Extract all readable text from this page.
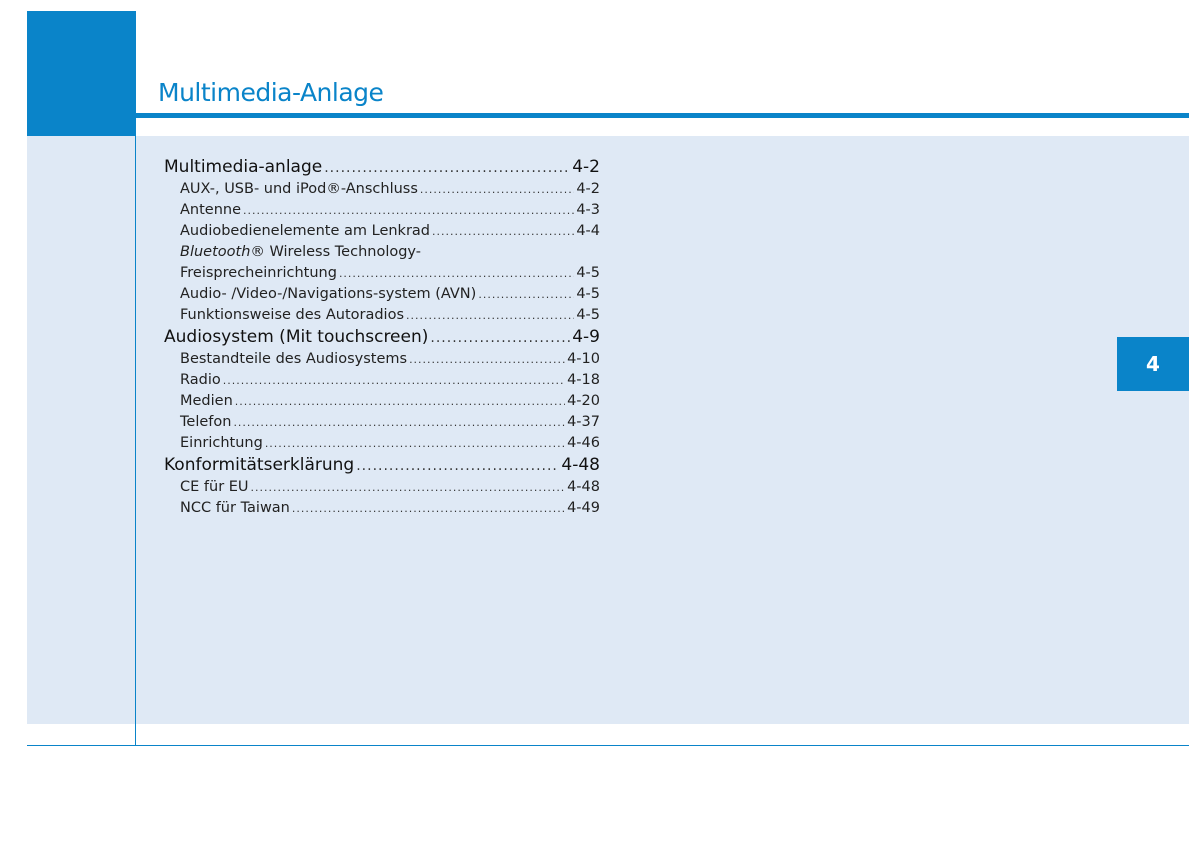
Multimedia-Anlage
4
Multimedia-anlage .....	4-2
AUX-, USB- und iPod®-Anschluss .....	4-2
Antenne .....	4-3
Audiobedienelemente am Lenkrad .....	4-4
Bluetooth® Wireless Technology-
Freisprecheinrichtung .....	4-5
Audio- /Video-/Navigations-system (AVN) .....	4-5
Funktionsweise des Autoradios .....	4-5
Audiosystem (Mit touchscreen) .....	4-9
Bestandteile des Audiosystems .....	4-10
Radio .....	4-18
Medien .....	4-20
Telefon .....	4-37
Einrichtung .....	4-46
Konformitätserklärung .....	4-48
CE für EU .....	4-48
NCC für Taiwan .....	4-49
